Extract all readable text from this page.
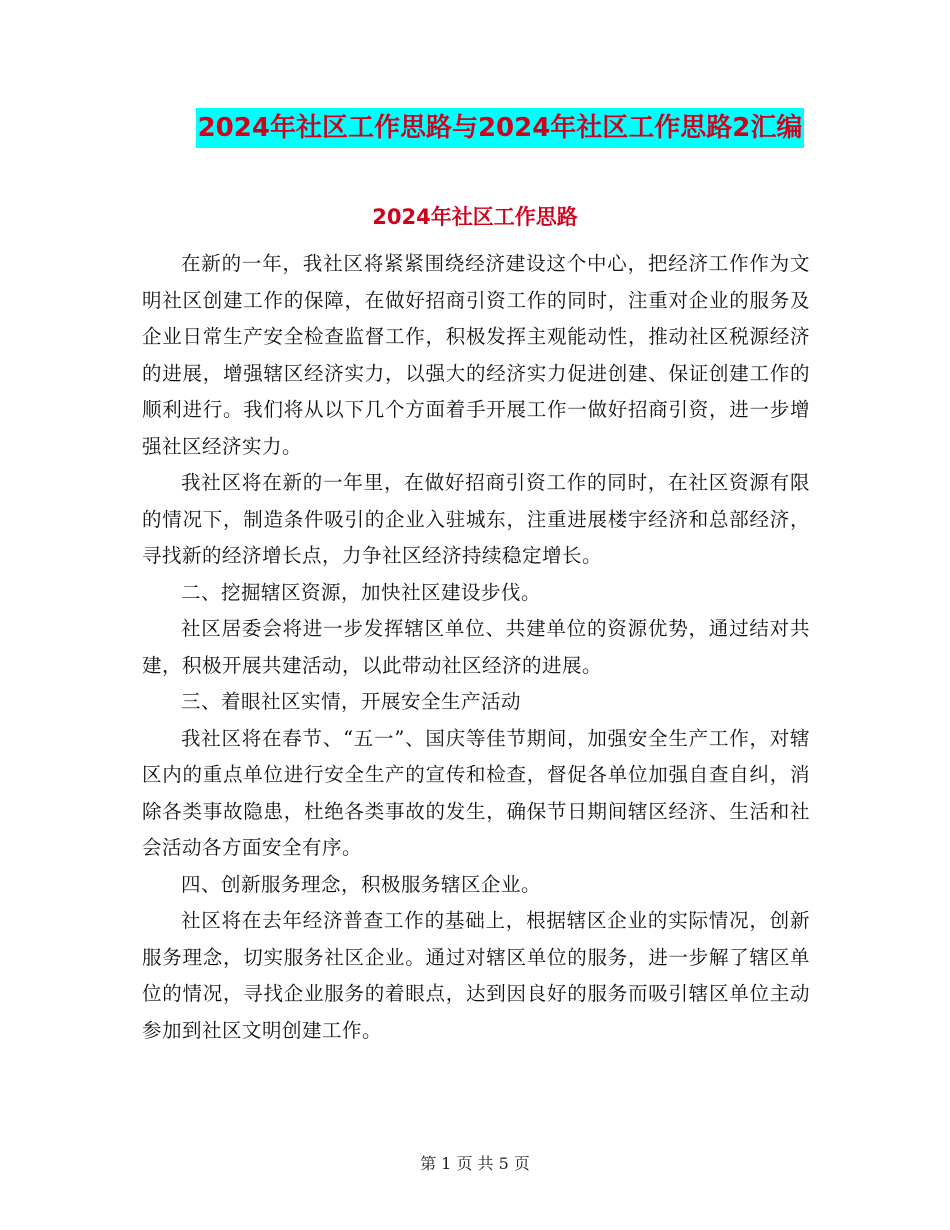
2024年社区工作思路与2024年社区工作思路2汇编
2024年社区工作思路

在新的一年，我社区将紧紧围绕经济建设这个中心，把经济工作作为文明社区创建工作的保障，在做好招商引资工作的同时，注重对企业的服务及企业日常生产安全检查监督工作，积极发挥主观能动性，推动社区税源经济的进展，增强辖区经济实力，以强大的经济实力促进创建、保证创建工作的顺利进行。我们将从以下几个方面着手开展工作一做好招商引资，进一步增强社区经济实力。

我社区将在新的一年里，在做好招商引资工作的同时，在社区资源有限的情况下，制造条件吸引的企业入驻城东，注重进展楼宇经济和总部经济，寻找新的经济增长点，力争社区经济持续稳定增长。

二、挖掘辖区资源，加快社区建设步伐。

社区居委会将进一步发挥辖区单位、共建单位的资源优势，通过结对共建，积极开展共建活动，以此带动社区经济的进展。

三、着眼社区实情，开展安全生产活动

我社区将在春节、“五一”、国庆等佳节期间，加强安全生产工作，对辖区内的重点单位进行安全生产的宣传和检查，督促各单位加强自查自纠，消除各类事故隐患，杜绝各类事故的发生，确保节日期间辖区经济、生活和社会活动各方面安全有序。

四、创新服务理念，积极服务辖区企业。

社区将在去年经济普查工作的基础上，根据辖区企业的实际情况，创新服务理念，切实服务社区企业。通过对辖区单位的服务，进一步解了辖区单位的情况，寻找企业服务的着眼点，达到因良好的服务而吸引辖区单位主动参加到社区文明创建工作。

第 1 页 共 5 页
